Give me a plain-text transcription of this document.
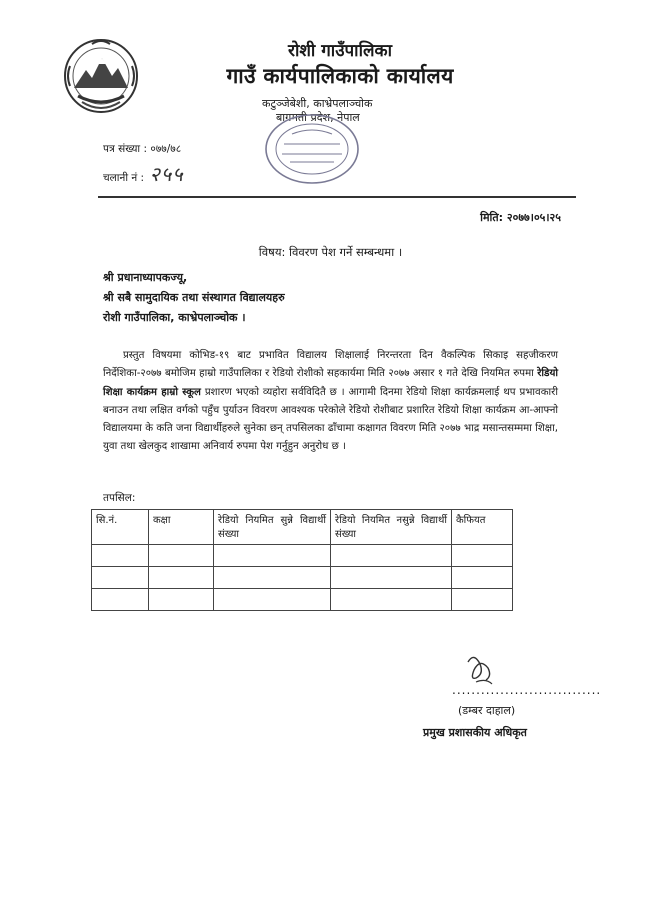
रोशी गाउँपालिका
गाउँ कार्यपालिकाको कार्यालय
कटुञ्जेबेशी, काभ्रेपलाञ्चोक
बागमती प्रदेश, नेपाल
पत्र संख्या : ०७७/७८
चलानी नं : २५५
मिति: २०७७।०५।२५
विषय: विवरण पेश गर्ने सम्बन्धमा ।
श्री प्रधानाध्यापकज्यू,
श्री सबै सामुदायिक तथा संस्थागत विद्यालयहरु
रोशी गाउँपालिका, काभ्रेपलाञ्चोक ।

प्रस्तुत विषयमा कोभिड-१९ बाट प्रभावित विद्यालय शिक्षालाई निरन्तरता दिन वैकल्पिक सिकाइ सहजीकरण निर्देशिका-२०७७ बमोजिम हाम्रो गाउँपालिका र रेडियो रोशीको सहकार्यमा मिति २०७७ असार १ गते देखि नियमित रुपमा रेडियो शिक्षा कार्यक्रम हाम्रो स्कूल प्रशारण भएको व्यहोरा सर्वविदितै छ । आगामी दिनमा रेडियो शिक्षा कार्यक्रमलाई थप प्रभावकारी बनाउन तथा लक्षित वर्गको पहुँच पुर्याउन विवरण आवश्यक परेकोले रेडियो रोशीबाट प्रशारित रेडियो शिक्षा कार्यक्रम आ-आफ्नो विद्यालयमा के कति जना विद्यार्थीहरुले सुनेका छन् तपसिलका ढाँचामा कक्षागत विवरण मिति २०७७ भाद्र मसान्तसम्ममा शिक्षा, युवा तथा खेलकुद शाखामा अनिवार्य रुपमा पेश गर्नुहुन अनुरोध छ ।

तपसिल:
सि.नं.	कक्षा	रेडियो नियमित सुन्ने विद्यार्थी संख्या	रेडियो नियमित नसुन्ने विद्यार्थी संख्या	कैफियत

...............................
(डम्बर दाहाल)
प्रमुख प्रशासकीय अधिकृत
